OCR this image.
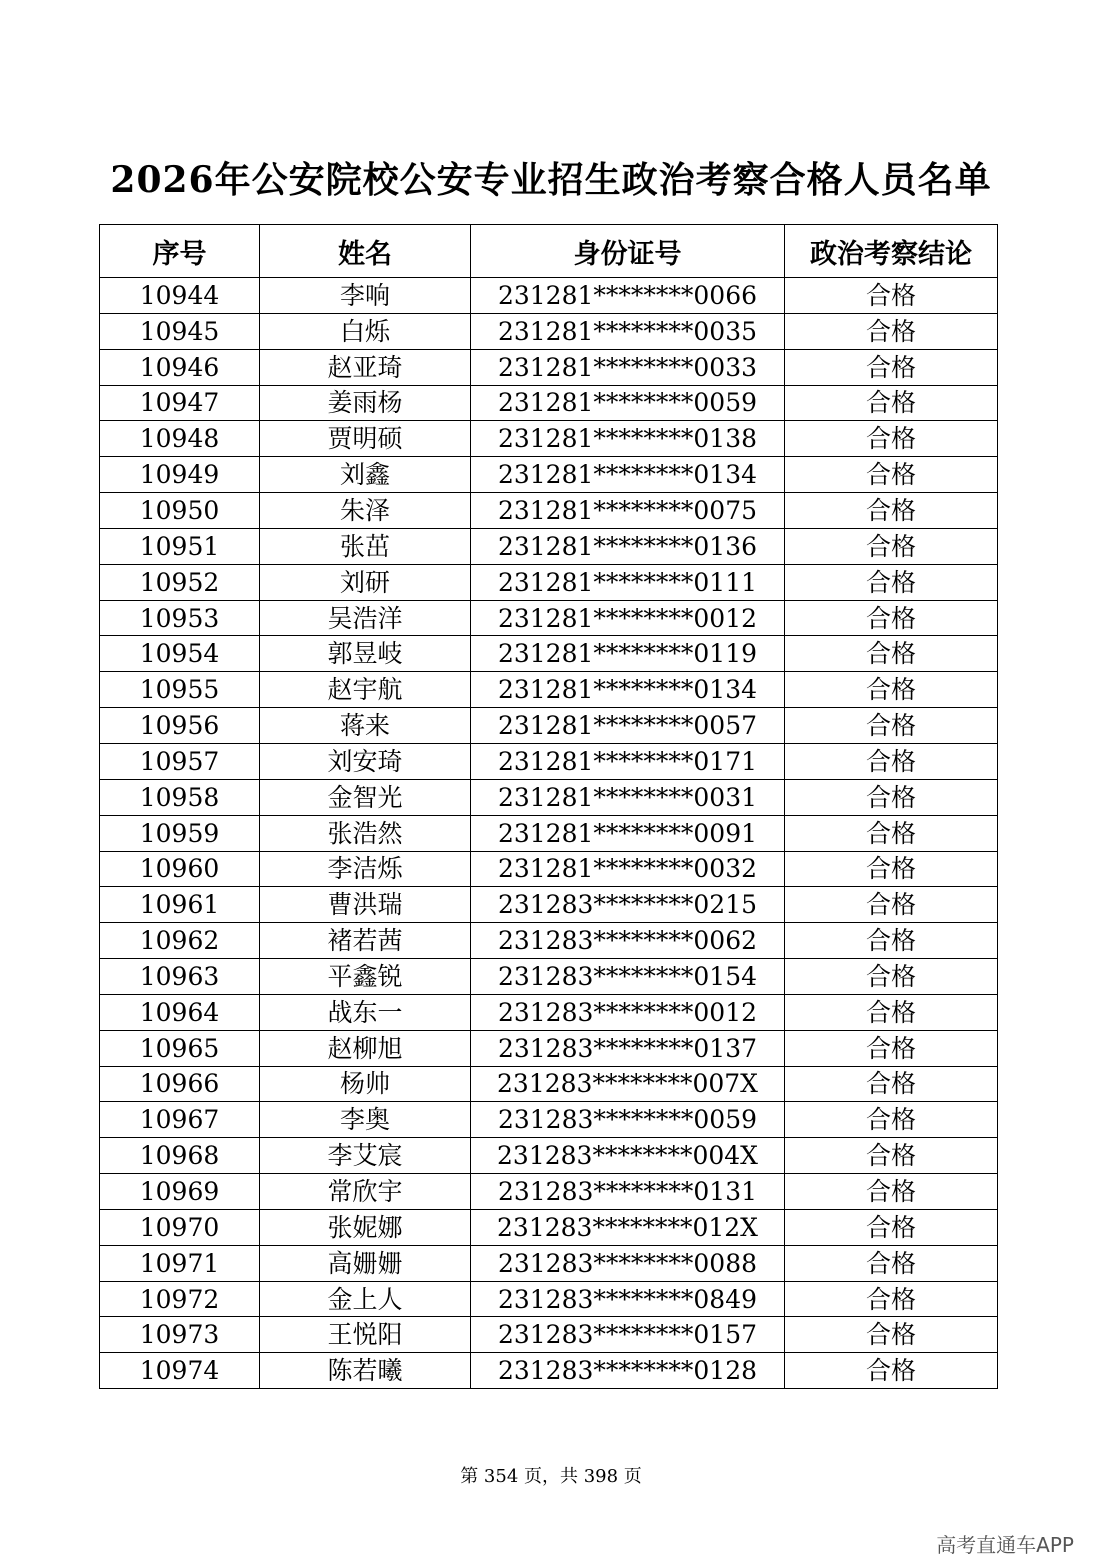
2026年公安院校公安专业招生政治考察合格人员名单
序号	姓名	身份证号	政治考察结论
10944	李响	231281********0066	合格
10945	白烁	231281********0035	合格
10946	赵亚琦	231281********0033	合格
10947	姜雨杨	231281********0059	合格
10948	贾明硕	231281********0138	合格
10949	刘鑫	231281********0134	合格
10950	朱泽	231281********0075	合格
10951	张茁	231281********0136	合格
10952	刘研	231281********0111	合格
10953	吴浩洋	231281********0012	合格
10954	郭昱岐	231281********0119	合格
10955	赵宇航	231281********0134	合格
10956	蒋来	231281********0057	合格
10957	刘安琦	231281********0171	合格
10958	金智光	231281********0031	合格
10959	张浩然	231281********0091	合格
10960	李洁烁	231281********0032	合格
10961	曹洪瑞	231283********0215	合格
10962	褚若茜	231283********0062	合格
10963	平鑫锐	231283********0154	合格
10964	战东一	231283********0012	合格
10965	赵柳旭	231283********0137	合格
10966	杨帅	231283********007X	合格
10967	李奥	231283********0059	合格
10968	李艾宸	231283********004X	合格
10969	常欣宇	231283********0131	合格
10970	张妮娜	231283********012X	合格
10971	高姗姗	231283********0088	合格
10972	金上人	231283********0849	合格
10973	王悦阳	231283********0157	合格
10974	陈若曦	231283********0128	合格
第 354 页，共 398 页
高考直通车APP
